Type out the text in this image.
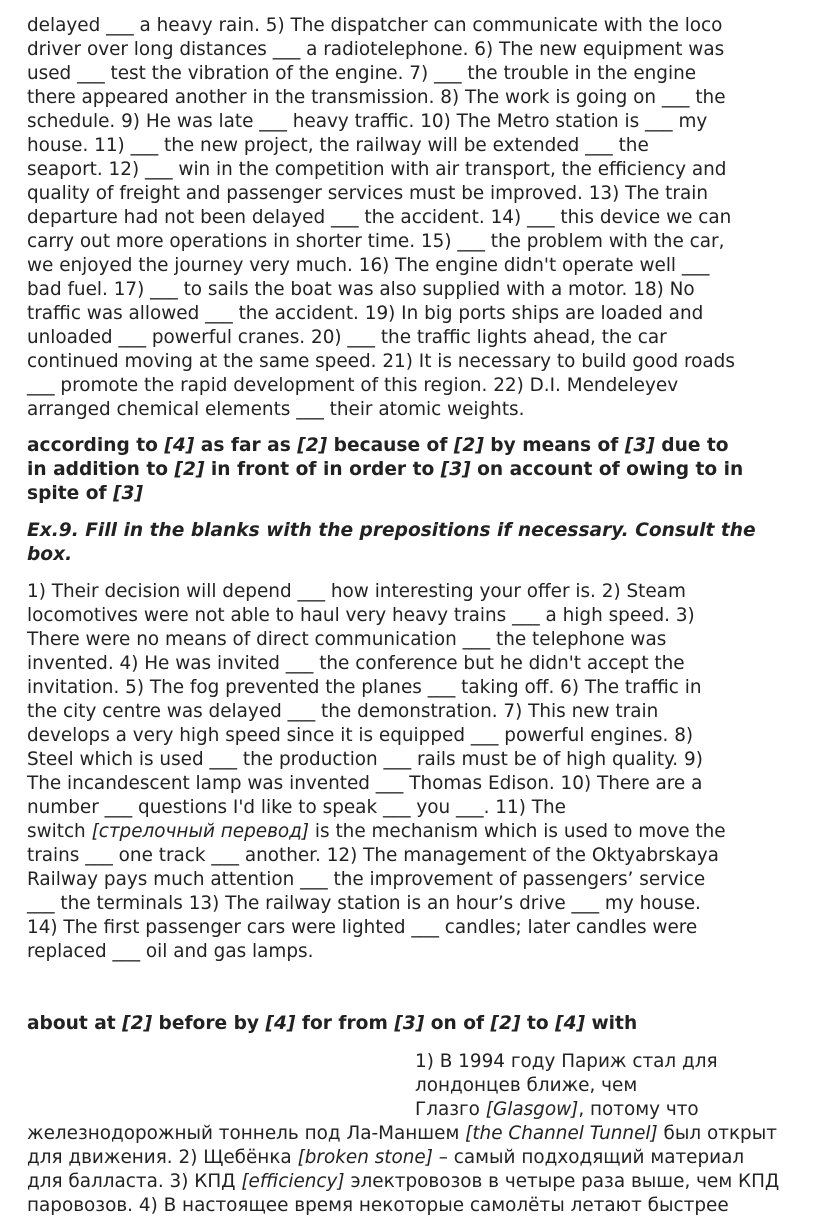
delayed ___ a heavy rain. 5) The dispatcher can communicate with the loco
driver over long distances ___ a radiotelephone. 6) The new equipment was
used ___ test the vibration of the engine. 7) ___ the trouble in the engine
there appeared another in the transmission. 8) The work is going on ___ the
schedule. 9) He was late ___ heavy traffic. 10) The Metro station is ___ my
house. 11) ___ the new project, the railway will be extended ___ the
seaport. 12) ___ win in the competition with air transport, the efficiency and
quality of freight and passenger services must be improved. 13) The train
departure had not been delayed ___ the accident. 14) ___ this device we can
carry out more operations in shorter time. 15) ___ the problem with the car,
we enjoyed the journey very much. 16) The engine didn't operate well ___
bad fuel. 17) ___ to sails the boat was also supplied with a motor. 18) No
traffic was allowed ___ the accident. 19) In big ports ships are loaded and
unloaded ___ powerful cranes. 20) ___ the traffic lights ahead, the car
continued moving at the same speed. 21) It is necessary to build good roads
___ promote the rapid development of this region. 22) D.I. Mendeleyev
arranged chemical elements ___ their atomic weights.
according to [4] as far as [2] because of [2] by means of [3] due to
in addition to [2] in front of in order to [3] on account of owing to in
spite of [3]
Ex.9. Fill in the blanks with the prepositions if necessary. Consult the
box.
1) Their decision will depend ___ how interesting your offer is. 2) Steam
locomotives were not able to haul very heavy trains ___ a high speed. 3)
There were no means of direct communication ___ the telephone was
invented. 4) He was invited ___ the conference but he didn't accept the
invitation. 5) The fog prevented the planes ___ taking off. 6) The traffic in
the city centre was delayed ___ the demonstration. 7) This new train
develops a very high speed since it is equipped ___ powerful engines. 8)
Steel which is used ___ the production ___ rails must be of high quality. 9)
The incandescent lamp was invented ___ Thomas Edison. 10) There are a
number ___ questions I'd like to speak ___ you ___. 11) The
switch [стрелочный перевод] is the mechanism which is used to move the
trains ___ one track ___ another. 12) The management of the Oktyabrskaya
Railway pays much attention ___ the improvement of passengers’ service
___ the terminals 13) The railway station is an hour’s drive ___ my house.
14) The first passenger cars were lighted ___ candles; later candles were
replaced ___ oil and gas lamps.
about at [2] before by [4] for from [3] on of [2] to [4] with
1) В 1994 году Париж стал для
лондонцев ближе, чем
Глазго [Glasgow], потому что
железнодорожный тоннель под Ла-Маншем [the Channel Tunnel] был открыт
для движения. 2) Щебёнка [broken stone] – самый подходящий материал
для балласта. 3) КПД [efficiency] электровозов в четыре раза выше, чем КПД
паровозов. 4) В настоящее время некоторые самолёты летают быстрее
